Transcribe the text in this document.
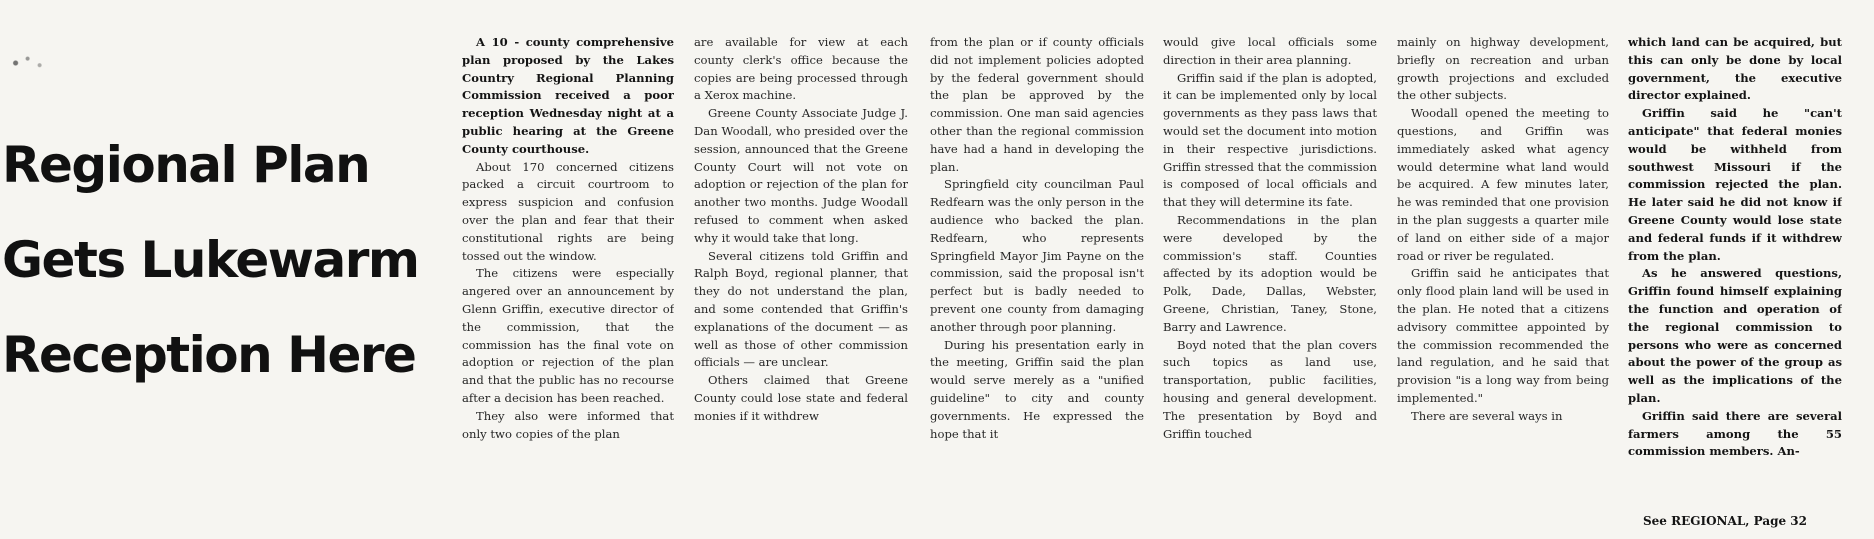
Regional Plan
Gets Lukewarm
Reception Here

A 10 - county comprehensive plan proposed by the Lakes Country Regional Planning Commission received a poor reception Wednesday night at a public hearing at the Greene County courthouse.

About 170 concerned citizens packed a circuit courtroom to express suspicion and confusion over the plan and fear that their constitutional rights are being tossed out the window.

The citizens were especially angered over an announcement by Glenn Griffin, executive director of the commission, that the commission has the final vote on adoption or rejection of the plan and that the public has no recourse after a decision has been reached.

They also were informed that only two copies of the plan

are available for view at each county clerk's office because the copies are being processed through a Xerox machine.

Greene County Associate Judge J. Dan Woodall, who presided over the session, announced that the Greene County Court will not vote on adoption or rejection of the plan for another two months. Judge Woodall refused to comment when asked why it would take that long.

Several citizens told Griffin and Ralph Boyd, regional planner, that they do not understand the plan, and some contended that Griffin's explanations of the document — as well as those of other commission officials — are unclear.

Others claimed that Greene County could lose state and federal monies if it withdrew

from the plan or if county officials did not implement policies adopted by the federal government should the plan be approved by the commission. One man said agencies other than the regional commission have had a hand in developing the plan.

Springfield city councilman Paul Redfearn was the only person in the audience who backed the plan. Redfearn, who represents Springfield Mayor Jim Payne on the commission, said the proposal isn't perfect but is badly needed to prevent one county from damaging another through poor planning.

During his presentation early in the meeting, Griffin said the plan would serve merely as a "unified guideline" to city and county governments. He expressed the hope that it

would give local officials some direction in their area planning.

Griffin said if the plan is adopted, it can be implemented only by local governments as they pass laws that would set the document into motion in their respective jurisdictions. Griffin stressed that the commission is composed of local officials and that they will determine its fate.

Recommendations in the plan were developed by the commission's staff. Counties affected by its adoption would be Polk, Dade, Dallas, Webster, Greene, Christian, Taney, Stone, Barry and Lawrence.

Boyd noted that the plan covers such topics as land use, transportation, public facilities, housing and general development. The presentation by Boyd and Griffin touched

mainly on highway development, briefly on recreation and urban growth projections and excluded the other subjects.

Woodall opened the meeting to questions, and Griffin was immediately asked what agency would determine what land would be acquired. A few minutes later, he was reminded that one provision in the plan suggests a quarter mile of land on either side of a major road or river be regulated.

Griffin said he anticipates that only flood plain land will be used in the plan. He noted that a citizens advisory committee appointed by the commission recommended the land regulation, and he said that provision "is a long way from being implemented."

There are several ways in

which land can be acquired, but this can only be done by local government, the executive director explained.

Griffin said he "can't anticipate" that federal monies would be withheld from southwest Missouri if the commission rejected the plan. He later said he did not know if Greene County would lose state and federal funds if it withdrew from the plan.

As he answered questions, Griffin found himself explaining the function and operation of the regional commission to persons who were as concerned about the power of the group as well as the implications of the plan.

Griffin said there are several farmers among the 55 commission members. An-

See REGIONAL, Page 32
